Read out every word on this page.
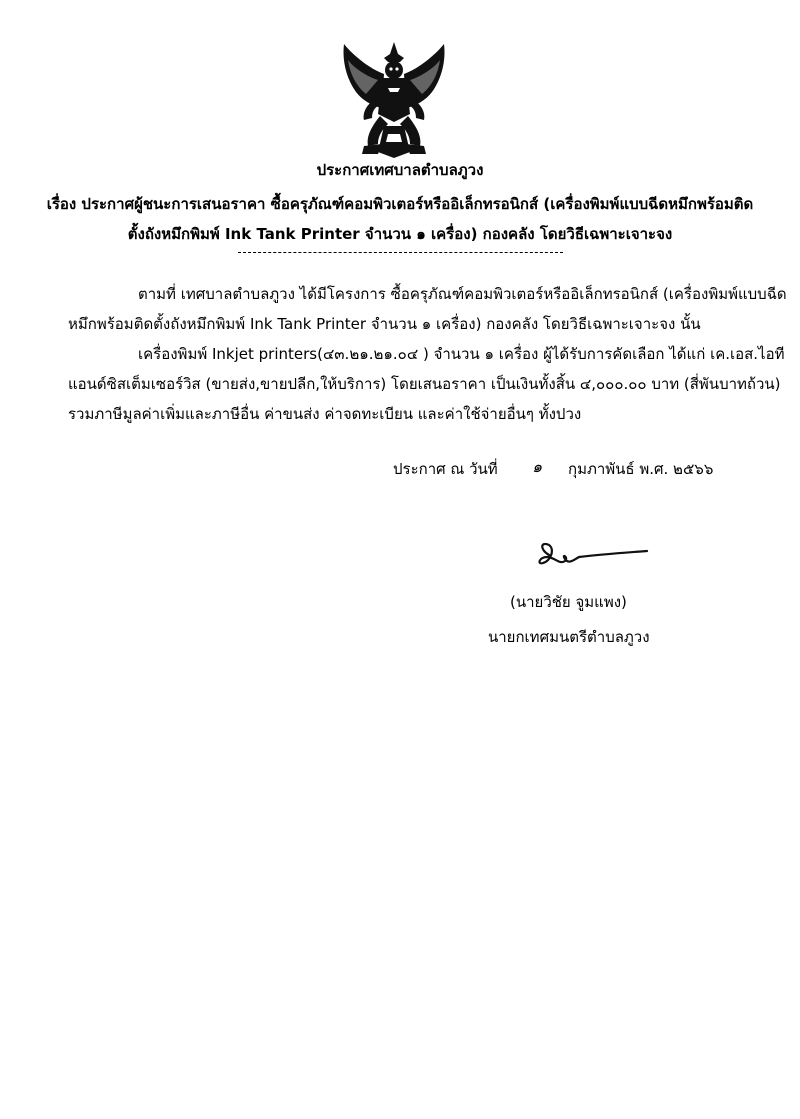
ประกาศเทศบาลตำบลภูวง
เรื่อง ประกาศผู้ชนะการเสนอราคา ซื้อครุภัณฑ์คอมพิวเตอร์หรืออิเล็กทรอนิกส์ (เครื่องพิมพ์แบบฉีดหมึกพร้อมติด
ตั้งถังหมึกพิมพ์ Ink Tank Printer จำนวน ๑ เครื่อง) กองคลัง โดยวิธีเฉพาะเจาะจง
ตามที่ เทศบาลตำบลภูวง ได้มีโครงการ ซื้อครุภัณฑ์คอมพิวเตอร์หรืออิเล็กทรอนิกส์ (เครื่องพิมพ์แบบฉีด
หมึกพร้อมติดตั้งถังหมึกพิมพ์ Ink Tank Printer จำนวน ๑ เครื่อง) กองคลัง โดยวิธีเฉพาะเจาะจง นั้น
เครื่องพิมพ์ Inkjet printers(๔๓.๒๑.๒๑.๐๔ ) จำนวน ๑ เครื่อง ผู้ได้รับการคัดเลือก ได้แก่ เค.เอส.ไอที
แอนด์ซิสเต็มเซอร์วิส (ขายส่ง,ขายปลีก,ให้บริการ) โดยเสนอราคา เป็นเงินทั้งสิ้น ๔,๐๐๐.๐๐ บาท (สี่พันบาทถ้วน)
รวมภาษีมูลค่าเพิ่มและภาษีอื่น ค่าขนส่ง ค่าจดทะเบียน และค่าใช้จ่ายอื่นๆ ทั้งปวง
ประกาศ ณ วันที่ ๑ กุมภาพันธ์ พ.ศ. ๒๕๖๖
(นายวิชัย จูมแพง)
นายกเทศมนตรีตำบลภูวง
